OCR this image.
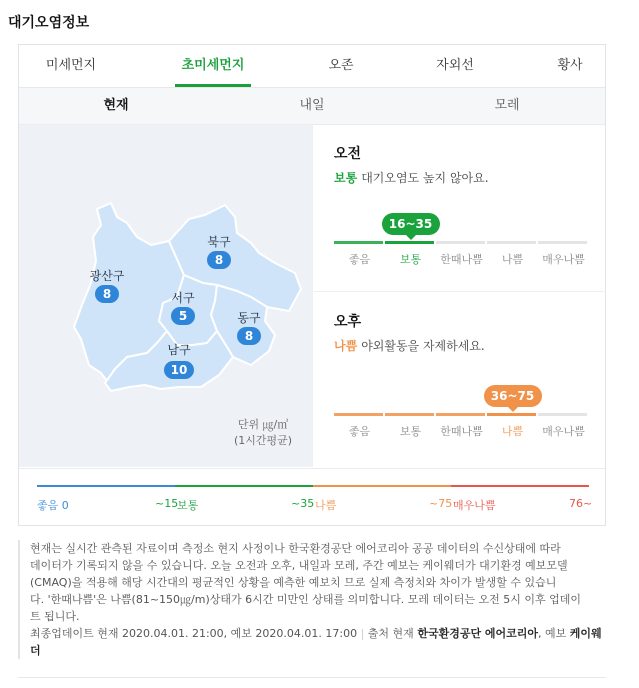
대기오염정보
미세먼지	초미세먼지	오존	자외선	황사
현재	내일	모레
광산구
8
북구
8
서구
5	동구
8
남구
10
단위 ㎍/㎥
(1시간평균)
오전
보통 대기오염도 높지 않아요.
좋음	보통 한때나쁨 나쁨 매우나쁨
16~35
오후
나쁨 야외활동을 자제하세요.
좋음	보통 한때나쁨 나쁨 매우나쁨
36~75
좋음 0	~15
보통	~35 나쁨	~75 매우나쁨	76~

현재는 실시간 관측된 자료이며 측정소 현지 사정이나 한국환경공단 에어코리아 공공 데이터의 수신상태에 따라

데이터가 기록되지 않을 수 있습니다. 오늘 오전과 오후, 내일과 모레, 주간 예보는 케이웨더가 대기환경 예보모델

(CMAQ)을 적용해 해당 시간대의 평균적인 상황을 예측한 예보치 므로 실제 측정치와 차이가 발생할 수 있습니

다. '한때나쁨'은 나쁨(81~150㎍/m)상태가 6시간 미만인 상태를 의미합니다. 모레 데이터는 오전 5시 이후 업데이

트 됩니다.

최종업데이트 현재 2020.04.01. 21:00, 예보 2020.04.01. 17:00 | 출처 현재 한국환경공단 에어코리아, 예보 케이웨더
